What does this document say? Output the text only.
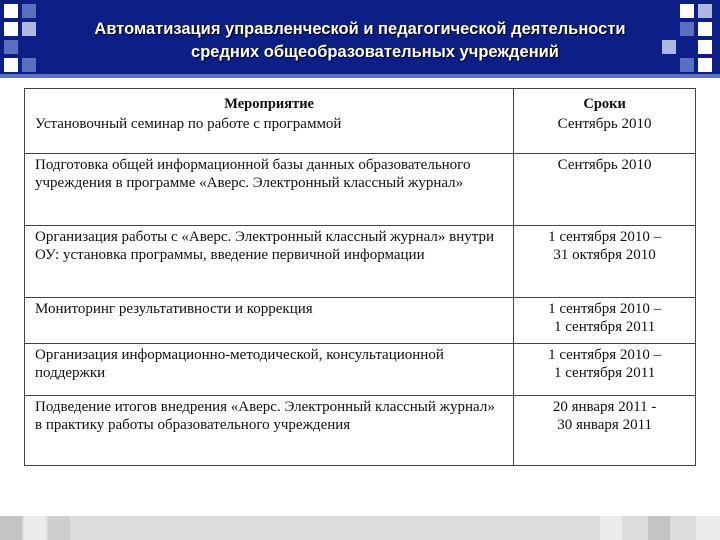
Автоматизация управленческой и педагогической деятельности
средних общеобразовательных учреждений
Мероприятие	Сроки
Установочный семинар по работе с программой	Сентябрь 2010
Подготовка общей информационной базы данных образовательного учреждения в программе «Аверс. Электронный классный журнал»	Сентябрь 2010
Организация работы с «Аверс. Электронный классный журнал» внутри ОУ: установка программы, введение первичной информации	1 сентября 2010 –
31 октября 2010
Мониторинг результативности и коррекция	1 сентября 2010 –
1 сентября 2011
Организация информационно-методической, консультационной поддержки	1 сентября 2010 –
1 сентября 2011
Подведение итогов внедрения «Аверс. Электронный классный журнал» в практику работы образовательного учреждения	20 января 2011 -
30 января 2011
